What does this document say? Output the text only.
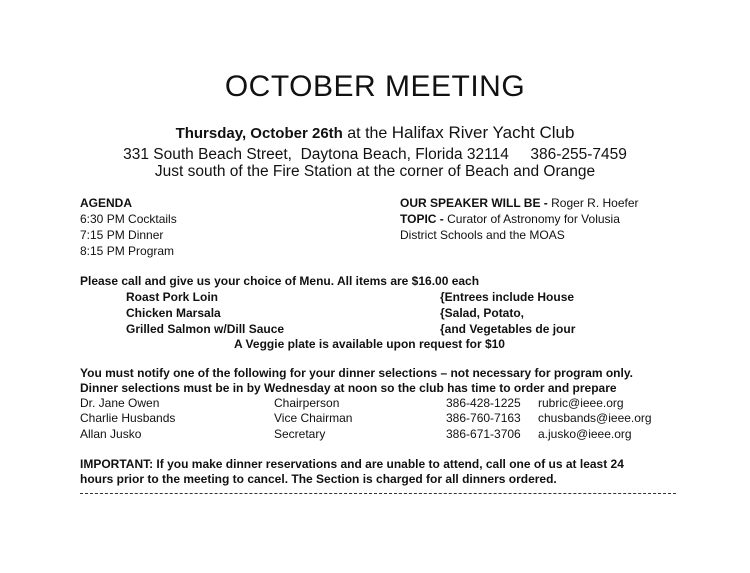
OCTOBER MEETING
Thursday, October 26th at the Halifax River Yacht Club
331 South Beach Street,  Daytona Beach, Florida 32114     386-255-7459
Just south of the Fire Station at the corner of Beach and Orange
AGENDA
6:30 PM Cocktails
7:15 PM Dinner
8:15 PM Program
OUR SPEAKER WILL BE - Roger R. Hoefer
TOPIC - Curator of Astronomy for Volusia
District Schools and the MOAS
Please call and give us your choice of Menu. All items are $16.00 each
Roast Pork Loin
Chicken Marsala
Grilled Salmon w/Dill Sauce
{Entrees include House
{Salad, Potato,
{and Vegetables de jour
A Veggie plate is available upon request for $10
You must notify one of the following for your dinner selections – not necessary for program only.
Dinner selections must be in by Wednesday at noon so the club has time to order and prepare
Dr. Jane Owen	Chairperson	386-428-1225 rubric@ieee.org
Charlie Husbands	Vice Chairman	386-760-7163 chusbands@ieee.org
Allan Jusko	Secretary	386-671-3706 a.jusko@ieee.org
IMPORTANT: If you make dinner reservations and are unable to attend, call one of us at least 24
hours prior to the meeting to cancel. The Section is charged for all dinners ordered.
